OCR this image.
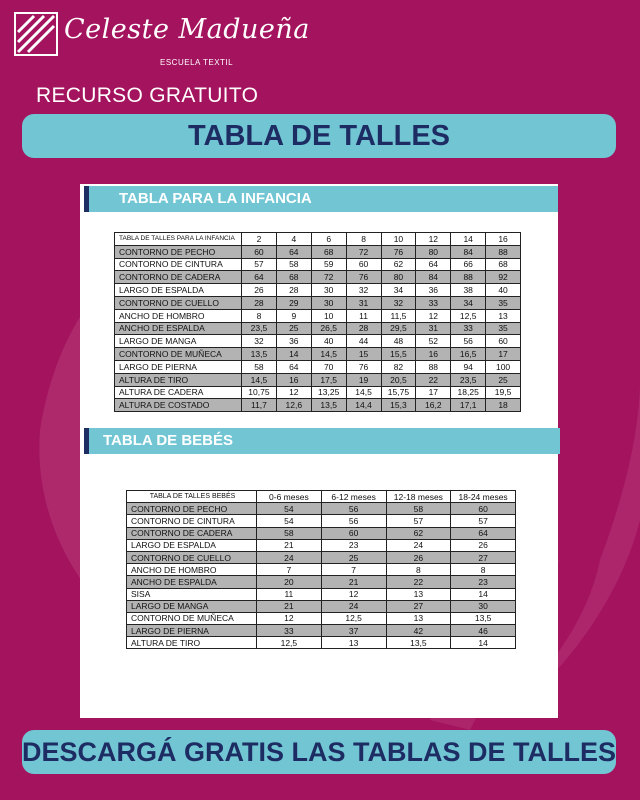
Celeste Madueña
ESCUELA TEXTIL
RECURSO GRATUITO
TABLA DE TALLES
TABLA PARA LA INFANCIA
TABLA DE TALLES PARA LA INFANCIA	2	4	6	8	10	12	14	16
CONTORNO DE PECHO	60	64	68	72	76	80	84	88
CONTORNO DE CINTURA	57	58	59	60	62	64	66	68
CONTORNO DE CADERA	64	68	72	76	80	84	88	92
LARGO DE ESPALDA	26	28	30	32	34	36	38	40
CONTORNO DE CUELLO	28	29	30	31	32	33	34	35
ANCHO DE HOMBRO	8	9	10	11	11,5	12	12,5	13
ANCHO DE ESPALDA	23,5	25	26,5	28	29,5	31	33	35
LARGO DE MANGA	32	36	40	44	48	52	56	60
CONTORNO DE MUÑECA	13,5	14	14,5	15	15,5	16	16,5	17
LARGO DE PIERNA	58	64	70	76	82	88	94	100
ALTURA DE TIRO	14,5	16	17,5	19	20,5	22	23,5	25
ALTURA DE CADERA	10,75	12	13,25	14,5	15,75	17	18,25	19,5
ALTURA DE COSTADO	11,7	12,6	13,5	14,4	15,3	16,2	17,1	18
TABLA DE BEBÉS
TABLA DE TALLES BEBÉS	0-6 meses	6-12 meses	12-18 meses	18-24 meses
CONTORNO DE PECHO	54	56	58	60
CONTORNO DE CINTURA	54	56	57	57
CONTORNO DE CADERA	58	60	62	64
LARGO DE ESPALDA	21	23	24	26
CONTORNO DE CUELLO	24	25	26	27
ANCHO DE HOMBRO	7	7	8	8
ANCHO DE ESPALDA	20	21	22	23
SISA	11	12	13	14
LARGO DE MANGA	21	24	27	30
CONTORNO DE MUÑECA	12	12,5	13	13,5
LARGO DE PIERNA	33	37	42	46
ALTURA DE TIRO	12,5	13	13,5	14
DESCARGÁ GRATIS LAS TABLAS DE TALLES
